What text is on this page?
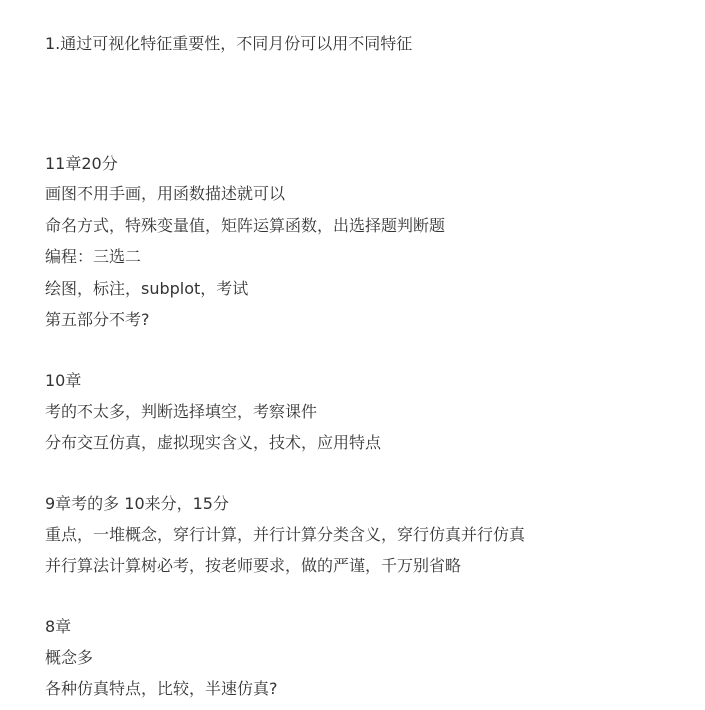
1.通过可视化特征重要性，不同月份可以用不同特征

11章20分

画图不用手画，用函数描述就可以

命名方式，特殊变量值，矩阵运算函数，出选择题判断题

编程：三选二

绘图，标注，subplot，考试

第五部分不考?

10章

考的不太多，判断选择填空，考察课件

分布交互仿真，虚拟现实含义，技术，应用特点

9章考的多 10来分，15分

重点，一堆概念，穿行计算，并行计算分类含义，穿行仿真并行仿真

并行算法计算树必考，按老师要求，做的严谨，千万别省略

8章

概念多

各种仿真特点，比较，半速仿真?
